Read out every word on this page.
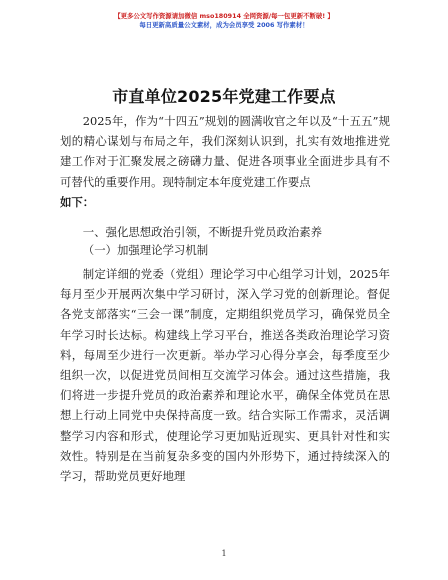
【更多公文写作资源请加微信 mso180914 全网资源/每一包更新不断破! 】
每日更新高质量公文素材，成为会员享受 2006 写作素材！
市直单位2025年党建工作要点

2025年，作为“十四五”规划的圆满收官之年以及“十五五”规划的精心谋划与布局之年，我们深刻认识到，扎实有效地推进党建工作对于汇聚发展之磅礴力量、促进各项事业全面进步具有不可替代的重要作用。现特制定本年度党建工作要点

如下：

一、强化思想政治引领，不断提升党员政治素养
（一）加强理论学习机制

制定详细的党委（党组）理论学习中心组学习计划，2025年每月至少开展两次集中学习研讨，深入学习党的创新理论。督促各党支部落实“三会一课”制度，定期组织党员学习，确保党员全年学习时长达标。构建线上学习平台，推送各类政治理论学习资料，每周至少进行一次更新。举办学习心得分享会，每季度至少组织一次，以促进党员间相互交流学习体会。通过这些措施，我们将进一步提升党员的政治素养和理论水平，确保全体党员在思想上行动上同党中央保持高度一致。结合实际工作需求，灵活调整学习内容和形式，使理论学习更加贴近现实、更具针对性和实效性。特别是在当前复杂多变的国内外形势下，通过持续深入的学习，帮助党员更好地理

1
